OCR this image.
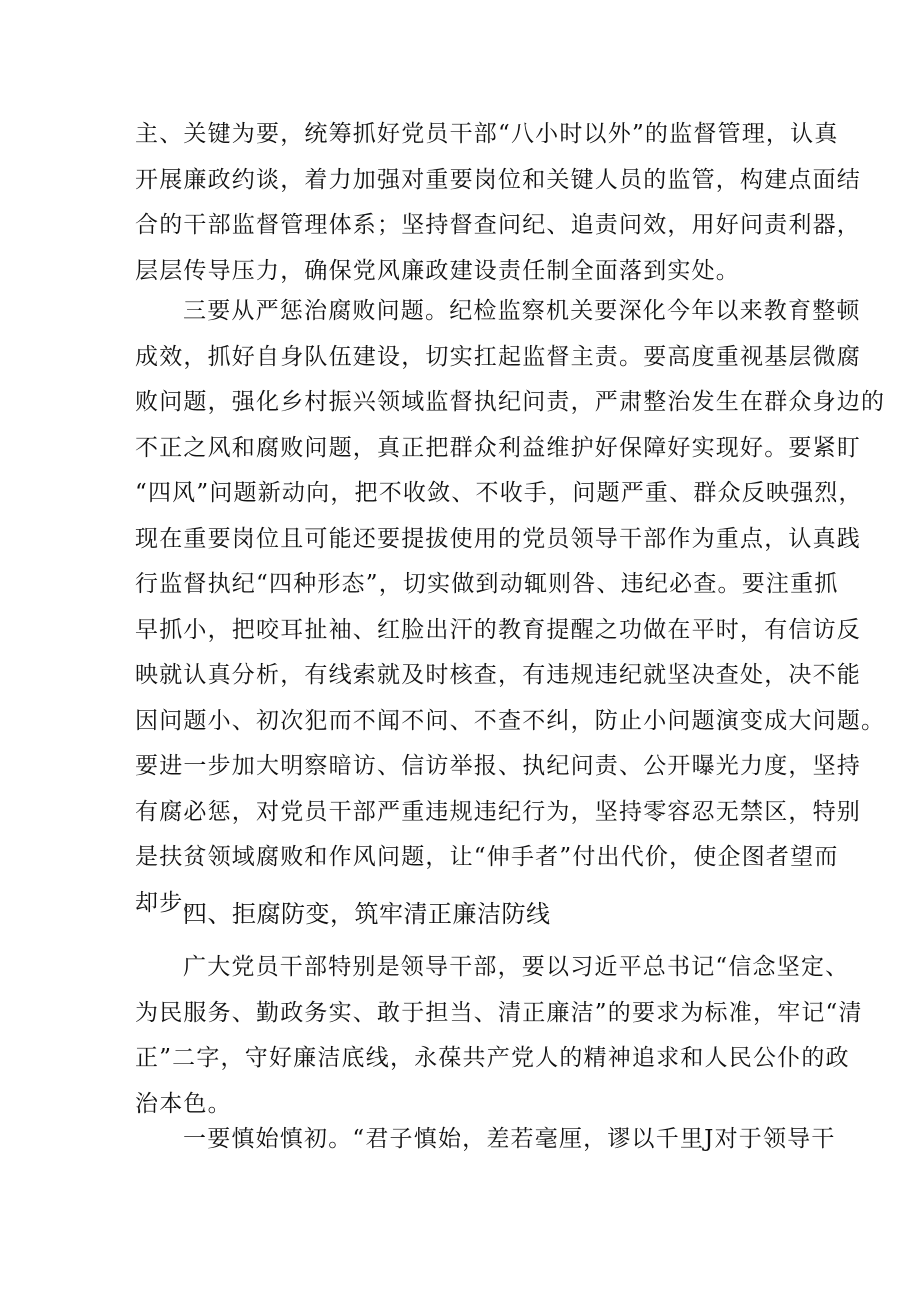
主、关键为要，统筹抓好党员干部“八小时以外”的监督管理，认真
开展廉政约谈，着力加强对重要岗位和关键人员的监管，构建点面结
合的干部监督管理体系；坚持督查问纪、追责问效，用好问责利器，
层层传导压力，确保党风廉政建设责任制全面落到实处。
三要从严惩治腐败问题。纪检监察机关要深化今年以来教育整顿
成效，抓好自身队伍建设，切实扛起监督主责。要高度重视基层微腐
败问题，强化乡村振兴领域监督执纪问责，严肃整治发生在群众身边的
不正之风和腐败问题，真正把群众利益维护好保障好实现好。要紧盯
“四风”问题新动向，把不收敛、不收手，问题严重、群众反映强烈，
现在重要岗位且可能还要提拔使用的党员领导干部作为重点，认真践
行监督执纪“四种形态”，切实做到动辄则咎、违纪必查。要注重抓
早抓小，把咬耳扯袖、红脸出汗的教育提醒之功做在平时，有信访反
映就认真分析，有线索就及时核查，有违规违纪就坚决查处，决不能
因问题小、初次犯而不闻不问、不查不纠，防止小问题演变成大问题。
要进一步加大明察暗访、信访举报、执纪问责、公开曝光力度，坚持
有腐必惩，对党员干部严重违规违纪行为，坚持零容忍无禁区，特别
是扶贫领域腐败和作风问题，让“伸手者”付出代价，使企图者望而
却步。
四、拒腐防变，筑牢清正廉洁防线
广大党员干部特别是领导干部，要以习近平总书记“信念坚定、
为民服务、勤政务实、敢于担当、清正廉洁”的要求为标准，牢记“清
正”二字，守好廉洁底线，永葆共产党人的精神追求和人民公仆的政
治本色。
一要慎始慎初。“君子慎始，差若毫厘，谬以千里J对于领导干
